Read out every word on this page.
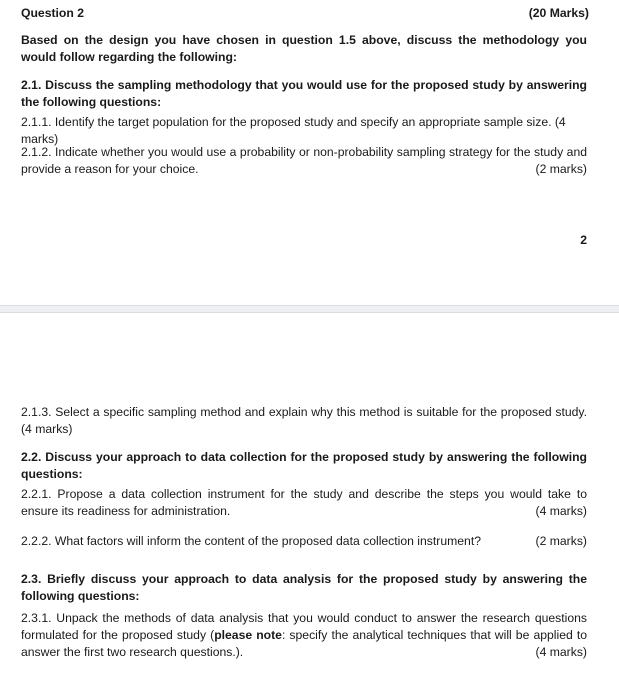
Question 2	(20 Marks)

Based on the design you have chosen in question 1.5 above, discuss the methodology you would follow regarding the following:

2.1. Discuss the sampling methodology that you would use for the proposed study by answering the following questions:

2.1.1. Identify the target population for the proposed study and specify an appropriate sample size. (4 marks)

2.1.2. Indicate whether you would use a probability or non-probability sampling strategy for the study and provide a reason for your choice.	(2 marks)

2

2.1.3. Select a specific sampling method and explain why this method is suitable for the proposed study. (4 marks)

2.2. Discuss your approach to data collection for the proposed study by answering the following questions:

2.2.1. Propose a data collection instrument for the study and describe the steps you would take to ensure its readiness for administration.	(4 marks)

2.2.2. What factors will inform the content of the proposed data collection instrument?	(2 marks)

2.3. Briefly discuss your approach to data analysis for the proposed study by answering the following questions:

2.3.1. Unpack the methods of data analysis that you would conduct to answer the research questions formulated for the proposed study (please note: specify the analytical techniques that will be applied to answer the first two research questions.).	(4 marks)
